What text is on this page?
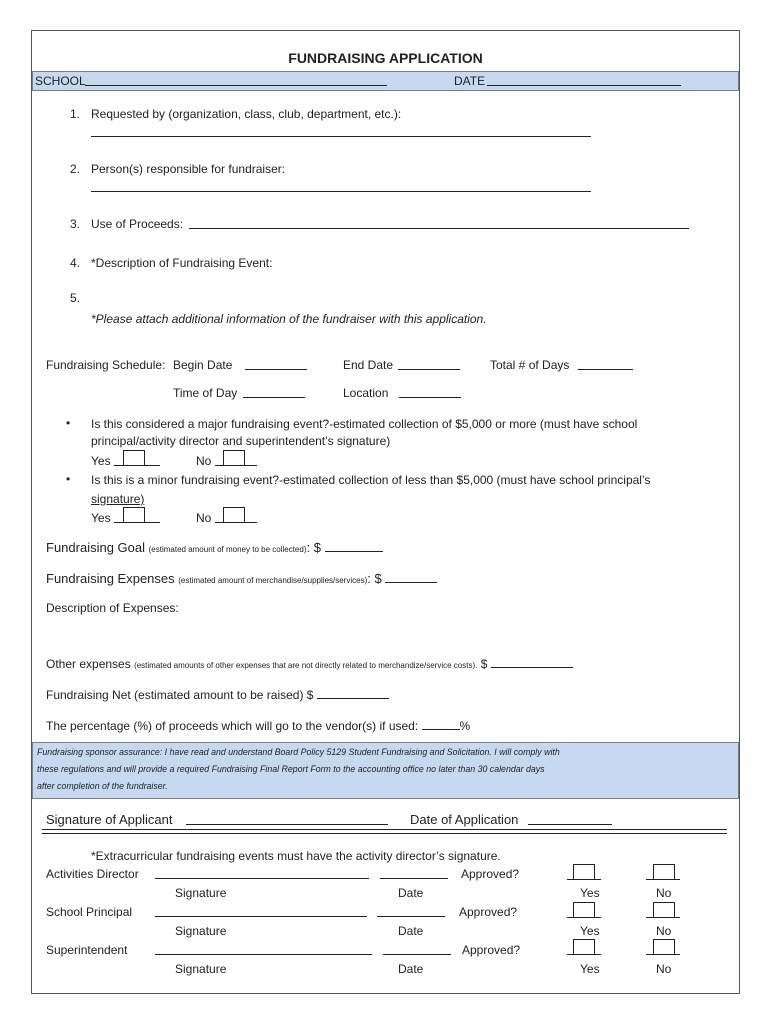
FUNDRAISING APPLICATION
SCHOOL	DATE
1. Requested by (organization, class, club, department, etc.):
2. Person(s) responsible for fundraiser:
3. Use of Proceeds:
4. *Description of Fundraising Event:
5.
*Please attach additional information of the fundraiser with this application.
Fundraising Schedule: Begin Date	End Date	Total # of Days
Time of Day	Location
• Is this considered a major fundraising event?-estimated collection of $5,000 or more (must have school
principal/activity director and superintendent’s signature)
Yes	No
• Is this is a minor fundraising event?-estimated collection of less than $5,000 (must have school principal’s
signature)
Yes	No
Fundraising Goal (estimated amount of money to be collected): $
Fundraising Expenses (estimated amount of merchandise/supplies/services): $
Description of Expenses:
Other expenses (estimated amounts of other expenses that are not directly related to merchandize/service costs). $
Fundraising Net (estimated amount to be raised) $
The percentage (%) of proceeds which will go to the vendor(s) if used:	%
Fundraising sponsor assurance: I have read and understand Board Policy 5129 Student Fundraising and Solicitation. I will comply with
these regulations and will provide a required Fundraising Final Report Form to the accounting office no later than 30 calendar days
after completion of the fundraiser.
Signature of Applicant	Date of Application
*Extracurricular fundraising events must have the activity director’s signature.
Activities Director	Approved?
Signature	Date	Yes	No
School Principal	Approved?
Signature	Date	Yes	No
Superintendent	Approved?
Signature	Date	Yes	No
